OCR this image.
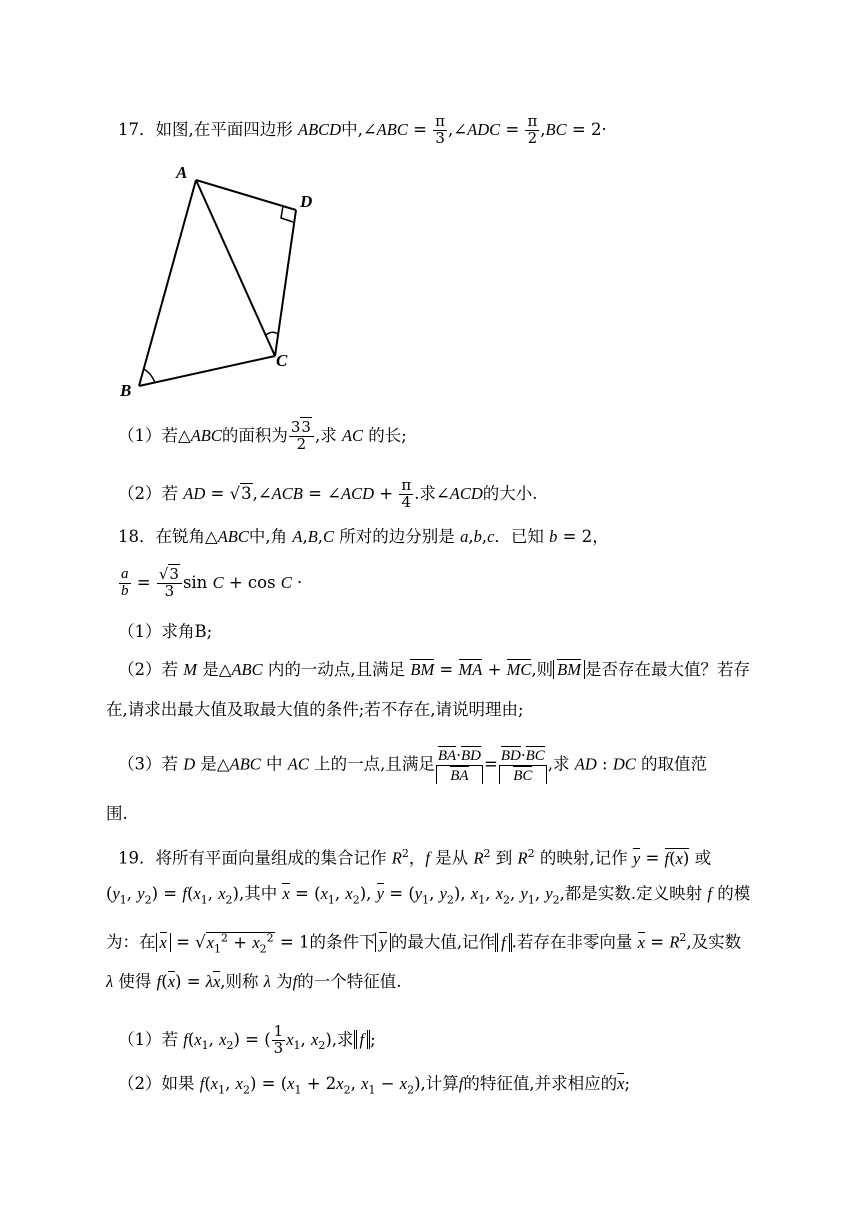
17．如图,在平面四边形 ABCD中,∠ABC = $\frac{\pi}{3}$ ,∠ADC = $\frac{\pi}{2} ,BC = 2\cdot$
A
D
C
B
（1）若△ABC的面积为 $\frac{33}{2}$ ,求 AC 的长;
（2）若 AD = √3,∠ACB = ∠ACD + $\frac{\pi}{4}$ .求∠ACD的大小.
18．在锐角△ABC中,角 A,B,C 所对的边分别是 a,b,c．已知 b = 2，
$\frac{a}{b} = \frac{√3}{3}$ sin C + cos C ·
（1）求角B;
（2）若 M 是△ABC 内的一动点,且满足 BM = MA + MC,则 BM 是否存在最大值？若存
在,请求出最大值及取最大值的条件;若不存在,请说明理由;
（3）若 D 是△ABC 中 AC 上的一点,且满足 $\frac{BA\cdot BD}{BA} = \frac{BD\cdot BC}{BC}$ ,求 AD : DC 的取值范
围.
19．将所有平面向量组成的集合记作 $R^2$，f 是从 $R^2$ 到 $R^2$ 的映射,记作 y = f(x) 或
($y_1$, $y_2) = f(x_1$, $x_2$),其中 $x = (x_1$, $x_2$), $y = (y_1$, $y_2$), $x_1$, $x_2$, $y_1$, $y_2$,都是实数.定义映射 f 的模
为：在 $x = √x_1^2 + x_2^2 = 1$的条件下 y 的最大值,记作 f .若存在非零向量 $x = R^2$,及实数
λ 使得 f(x) = λx,则称 λ 为f的一个特征值.
（1）若 $f(x_1$, $x_2$) = ( $\frac{1}{3} x_1$, $x_2$),求 f ;
（2）如果 $f(x_1$, $x_2) = (x_1 + 2x_2$, $x_1 - x_2$),计算f的特征值,并求相应的x;
